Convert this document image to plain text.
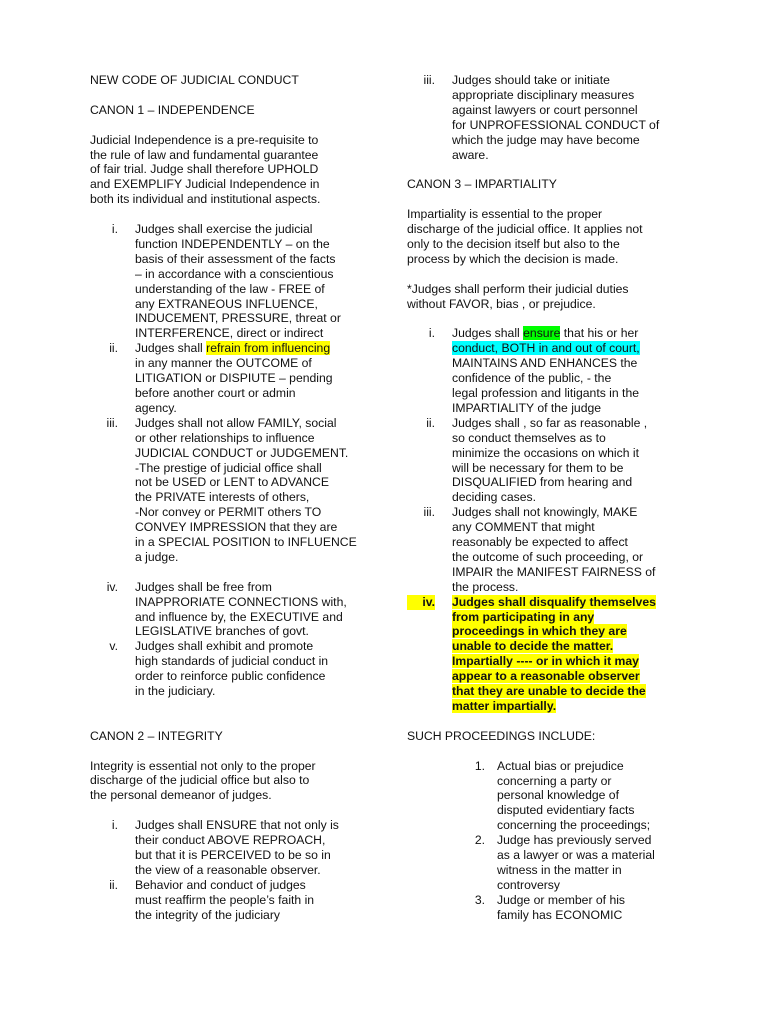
NEW CODE OF JUDICIAL CONDUCT

CANON 1 – INDEPENDENCE

Judicial Independence is a pre-requisite to
the rule of law and fundamental guarantee
of fair trial. Judge shall therefore UPHOLD
and EXEMPLIFY Judicial Independence in
both its individual and institutional aspects.
i. Judges shall exercise the judicial
function INDEPENDENTLY – on the
basis of their assessment of the facts
– in accordance with a conscientious
understanding of the law - FREE of
any EXTRANEOUS INFLUENCE,
INDUCEMENT, PRESSURE, threat or
INTERFERENCE, direct or indirect
ii. Judges shall refrain from influencing
in any manner the OUTCOME of
LITIGATION or DISPIUTE – pending
before another court or admin
agency.
iii. Judges shall not allow FAMILY, social
or other relationships to influence
JUDICIAL CONDUCT or JUDGEMENT.
-The prestige of judicial office shall
not be USED or LENT to ADVANCE
the PRIVATE interests of others,
-Nor convey or PERMIT others TO
CONVEY IMPRESSION that they are
in a SPECIAL POSITION to INFLUENCE
a judge.
iv. Judges shall be free from
INAPPRORIATE CONNECTIONS with,
and influence by, the EXECUTIVE and
LEGISLATIVE branches of govt.
v. Judges shall exhibit and promote
high standards of judicial conduct in
order to reinforce public confidence
in the judiciary.

CANON 2 – INTEGRITY

Integrity is essential not only to the proper
discharge of the judicial office but also to
the personal demeanor of judges.
i. Judges shall ENSURE that not only is
their conduct ABOVE REPROACH,
but that it is PERCEIVED to be so in
the view of a reasonable observer.
ii. Behavior and conduct of judges
must reaffirm the people’s faith in
the integrity of the judiciary
iii. Judges should take or initiate
appropriate disciplinary measures
against lawyers or court personnel
for UNPROFESSIONAL CONDUCT of
which the judge may have become
aware.

CANON 3 – IMPARTIALITY

Impartiality is essential to the proper
discharge of the judicial office. It applies not
only to the decision itself but also to the
process by which the decision is made.
*Judges shall perform their judicial duties
without FAVOR, bias , or prejudice.
i. Judges shall ensure that his or her
conduct, BOTH in and out of court,
MAINTAINS AND ENHANCES the
confidence of the public, - the
legal profession and litigants in the
IMPARTIALITY of the judge
ii. Judges shall , so far as reasonable ,
so conduct themselves as to
minimize the occasions on which it
will be necessary for them to be
DISQUALIFIED from hearing and
deciding cases.
iii. Judges shall not knowingly, MAKE
any COMMENT that might
reasonably be expected to affect
the outcome of such proceeding, or
IMPAIR the MANIFEST FAIRNESS of
the process.
iv. Judges shall disqualify themselves
from participating in any
proceedings in which they are
unable to decide the matter.
Impartially ---- or in which it may
appear to a reasonable observer
that they are unable to decide the
matter impartially.

SUCH PROCEEDINGS INCLUDE:

1. Actual bias or prejudice
concerning a party or
personal knowledge of
disputed evidentiary facts
concerning the proceedings;
2. Judge has previously served
as a lawyer or was a material
witness in the matter in
controversy
3. Judge or member of his
family has ECONOMIC
